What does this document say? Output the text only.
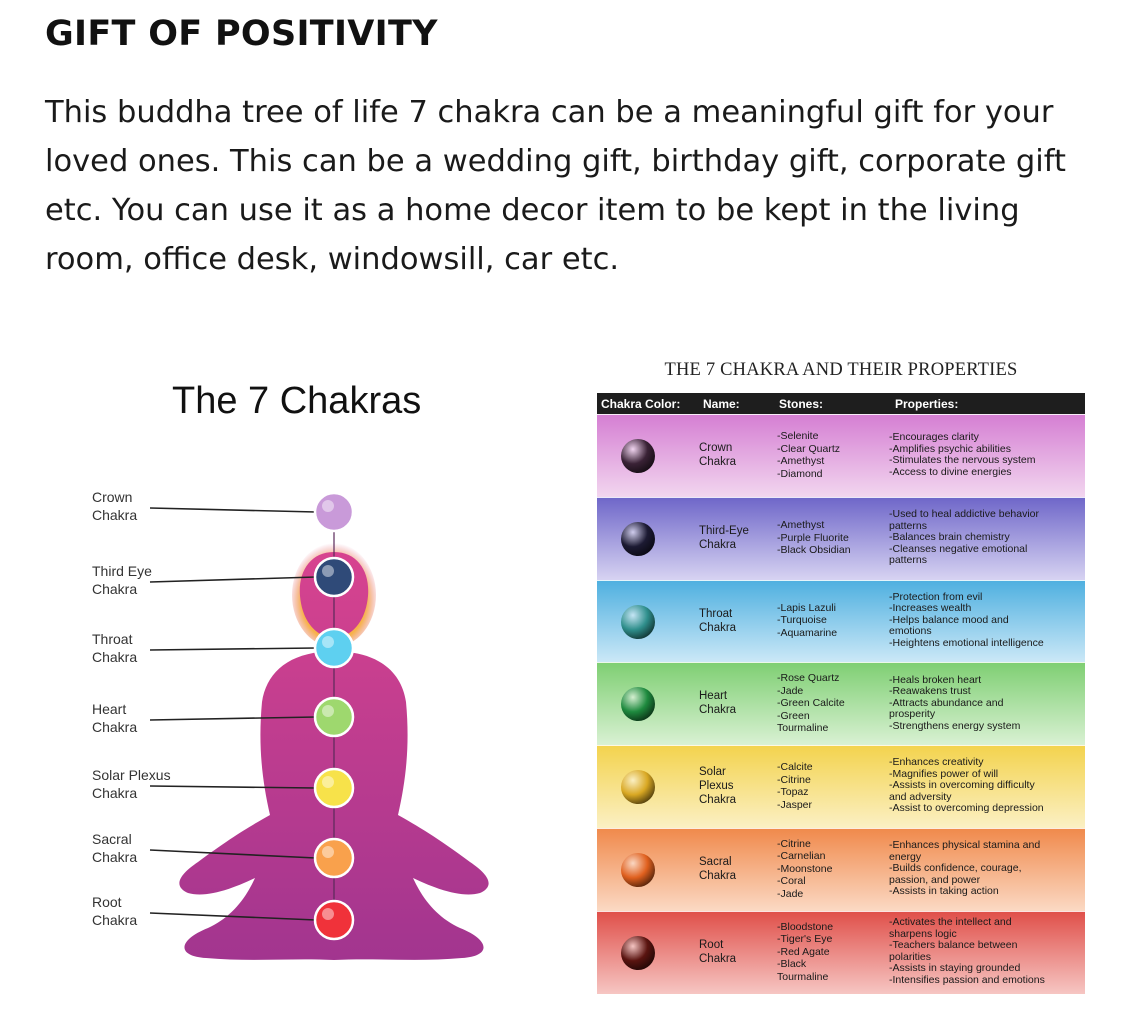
GIFT OF POSITIVITY

This buddha tree of life 7 chakra can be a meaningful gift for your
loved ones. This can be a wedding gift, birthday gift, corporate gift
etc. You can use it as a home decor item to be kept in the living
room, office desk, windowsill, car etc.

The 7 Chakras
Crown
Chakra
Third Eye
Chakra
Throat
Chakra
Heart
Chakra
Solar Plexus
Chakra
Sacral
Chakra
Root
Chakra
THE 7 CHAKRA AND THEIR PROPERTIES
Chakra Color: Name:	Stones:	Properties:
Crown
Chakra
-Selenite
-Clear Quartz
-Amethyst
-Diamond
-Encourages clarity
-Amplifies psychic abilities
-Stimulates the nervous system
-Access to divine energies
Third-Eye
Chakra
-Amethyst
-Purple Fluorite
-Black Obsidian
-Used to heal addictive behavior
patterns
-Balances brain chemistry
-Cleanses negative emotional
patterns
Throat
Chakra
-Lapis Lazuli
-Turquoise
-Aquamarine
-Protection from evil
-Increases wealth
-Helps balance mood and
emotions
-Heightens emotional intelligence
Heart
Chakra
-Rose Quartz
-Jade
-Green Calcite
-Green
Tourmaline
-Heals broken heart
-Reawakens trust
-Attracts abundance and
prosperity
-Strengthens energy system
Solar
Plexus
Chakra
-Calcite
-Citrine
-Topaz
-Jasper
-Enhances creativity
-Magnifies power of will
-Assists in overcoming difficulty
and adversity
-Assist to overcoming depression
Sacral
Chakra
-Citrine
-Carnelian
-Moonstone
-Coral
-Jade
-Enhances physical stamina and
energy
-Builds confidence, courage,
passion, and power
-Assists in taking action
Root
Chakra
-Bloodstone
-Tiger's Eye
-Red Agate
-Black
Tourmaline
-Activates the intellect and
sharpens logic
-Teachers balance between
polarities
-Assists in staying grounded
-Intensifies passion and emotions
